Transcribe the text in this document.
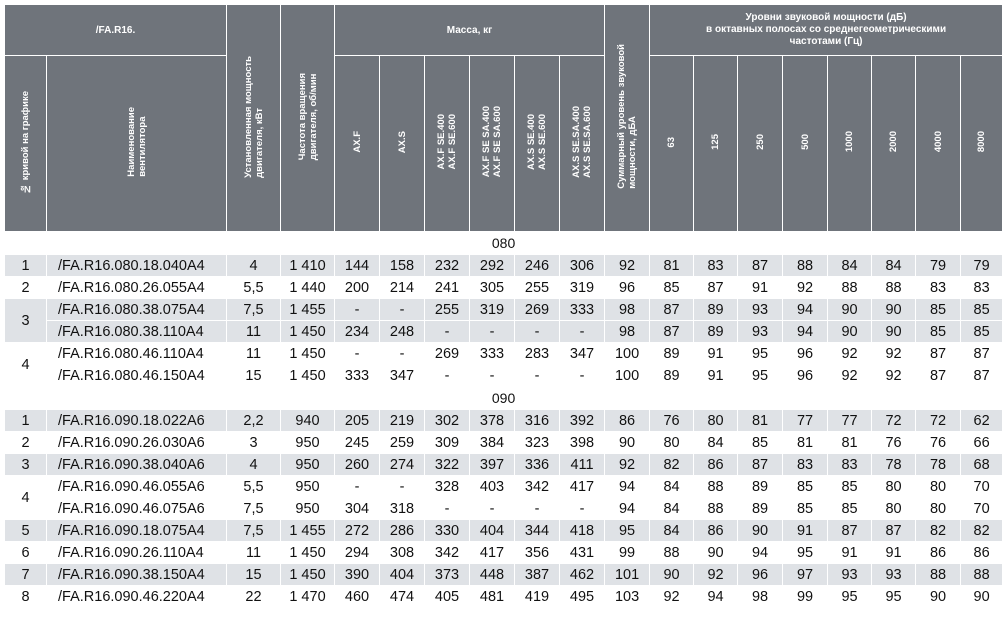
/FA.R16.		Установленная мощность
двигателя, кВт	Частота вращения
двигателя, об/мин	Масса, кг						Суммарный уровень звуковой
мощности, дБА	Уровни звуковой мощности (дБ)
в октавных полосах со среднегеометрическими
частотами (Гц)							
№ кривой на графике	Наименование
вентилятора			AX.F	AX.S	AX.F SE.400
AX.F SE.600	AX.F SE SA.400
AX.F SE SA.600	AX.S SE.400
AX.S SE.600	AX.S SE.SA.400
AX.S SE.SA.600		63	125	250	500	1000	2000	4000	8000
080																		
1	/FA.R16.080.18.040A4	4	1 410	144	158	232	292	246	306	92	81	83	87	88	84	84	79	79
2	/FA.R16.080.26.055A4	5,5	1 440	200	214	241	305	255	319	96	85	87	91	92	88	88	83	83
3	/FA.R16.080.38.075A4	7,5	1 455	-	-	255	319	269	333	98	87	89	93	94	90	90	85	85
	/FA.R16.080.38.110A4	11	1 450	234	248	-	-	-	-	98	87	89	93	94	90	90	85	85
4	/FA.R16.080.46.110A4	11	1 450	-	-	269	333	283	347	100	89	91	95	96	92	92	87	87
	/FA.R16.080.46.150A4	15	1 450	333	347	-	-	-	-	100	89	91	95	96	92	92	87	87
090																		
1	/FA.R16.090.18.022A6	2,2	940	205	219	302	378	316	392	86	76	80	81	77	77	72	72	62
2	/FA.R16.090.26.030A6	3	950	245	259	309	384	323	398	90	80	84	85	81	81	76	76	66
3	/FA.R16.090.38.040A6	4	950	260	274	322	397	336	411	92	82	86	87	83	83	78	78	68
4	/FA.R16.090.46.055A6	5,5	950	-	-	328	403	342	417	94	84	88	89	85	85	80	80	70
	/FA.R16.090.46.075A6	7,5	950	304	318	-	-	-	-	94	84	88	89	85	85	80	80	70
5	/FA.R16.090.18.075A4	7,5	1 455	272	286	330	404	344	418	95	84	86	90	91	87	87	82	82
6	/FA.R16.090.26.110A4	11	1 450	294	308	342	417	356	431	99	88	90	94	95	91	91	86	86
7	/FA.R16.090.38.150A4	15	1 450	390	404	373	448	387	462	101	90	92	96	97	93	93	88	88
8	/FA.R16.090.46.220A4	22	1 470	460	474	405	481	419	495	103	92	94	98	99	95	95	90	90
